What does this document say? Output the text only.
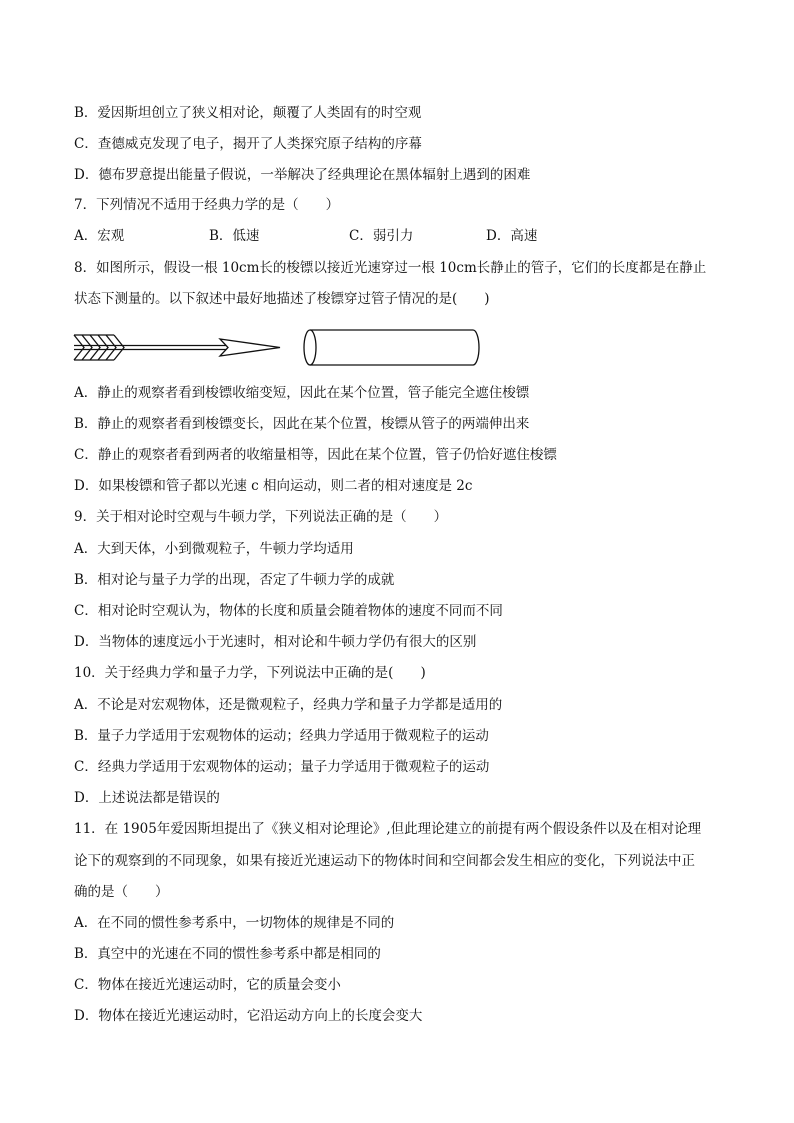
B．爱因斯坦创立了狭义相对论，颠覆了人类固有的时空观
C．查德威克发现了电子，揭开了人类探究原子结构的序幕
D．德布罗意提出能量子假说，一举解决了经典理论在黑体辐射上遇到的困难
7．下列情况不适用于经典力学的是（　　）
A．宏观	B．低速	C．弱引力	D．高速
8．如图所示，假设一根 10cm长的梭镖以接近光速穿过一根 10cm长静止的管子，它们的长度都是在静止
状态下测量的。以下叙述中最好地描述了梭镖穿过管子情况的是(　　)
A．静止的观察者看到梭镖收缩变短，因此在某个位置，管子能完全遮住梭镖
B．静止的观察者看到梭镖变长，因此在某个位置，梭镖从管子的两端伸出来
C．静止的观察者看到两者的收缩量相等，因此在某个位置，管子仍恰好遮住梭镖
D．如果梭镖和管子都以光速 c 相向运动，则二者的相对速度是 2c
9．关于相对论时空观与牛顿力学，下列说法正确的是（　　）
A．大到天体，小到微观粒子，牛顿力学均适用
B．相对论与量子力学的出现，否定了牛顿力学的成就
C．相对论时空观认为，物体的长度和质量会随着物体的速度不同而不同
D．当物体的速度远小于光速时，相对论和牛顿力学仍有很大的区别
10．关于经典力学和量子力学，下列说法中正确的是(　　)
A．不论是对宏观物体，还是微观粒子，经典力学和量子力学都是适用的
B．量子力学适用于宏观物体的运动；经典力学适用于微观粒子的运动
C．经典力学适用于宏观物体的运动；量子力学适用于微观粒子的运动
D．上述说法都是错误的
11．在 1905年爱因斯坦提出了《狭义相对论理论》,但此理论建立的前提有两个假设条件以及在相对论理
论下的观察到的不同现象，如果有接近光速运动下的物体时间和空间都会发生相应的变化，下列说法中正
确的是（　　）
A．在不同的惯性参考系中，一切物体的规律是不同的
B．真空中的光速在不同的惯性参考系中都是相同的
C．物体在接近光速运动时，它的质量会变小
D．物体在接近光速运动时，它沿运动方向上的长度会变大
